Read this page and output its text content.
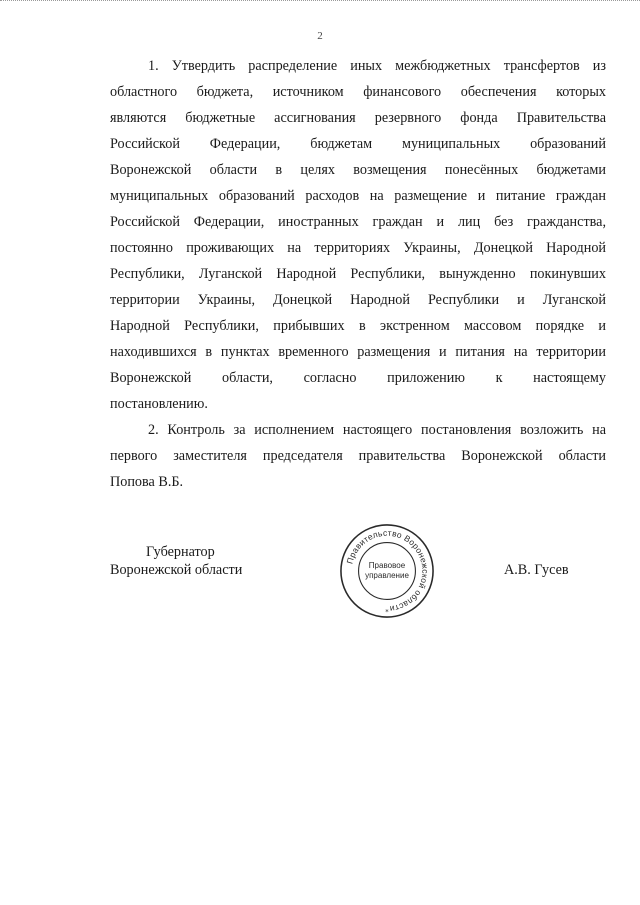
2

1. Утвердить распределение иных межбюджетных трансфертов из
областного бюджета, источником финансового обеспечения которых
являются бюджетные ассигнования резервного фонда Правительства
Российской Федерации, бюджетам муниципальных образований
Воронежской области в целях возмещения понесённых бюджетами
муниципальных образований расходов на размещение и питание граждан
Российской Федерации, иностранных граждан и лиц без гражданства,
постоянно проживающих на территориях Украины, Донецкой Народной
Республики, Луганской Народной Республики, вынужденно покинувших
территории Украины, Донецкой Народной Республики и Луганской
Народной Республики, прибывших в экстренном массовом порядке и
находившихся в пунктах временного размещения и питания на территории
Воронежской области, согласно приложению к настоящему
постановлению.

2. Контроль за исполнением настоящего постановления возложить на
первого заместителя председателя правительства Воронежской области
Попова В.Б.

Губернатор
Воронежской области
Правительство Воронежской области
Правовое
управление
*
А.В. Гусев
